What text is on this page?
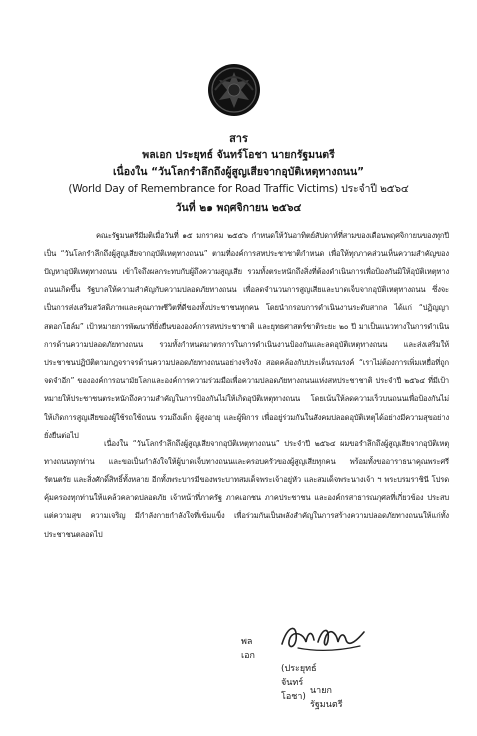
สาร
พลเอก ประยุทธ์ จันทร์โอชา นายกรัฐมนตรี
เนื่องใน “วันโลกรำลึกถึงผู้สูญเสียจากอุบัติเหตุทางถนน”
(World Day of Remembrance for Road Traffic Victims) ประจำปี ๒๕๖๔
วันที่ ๒๑ พฤศจิกายน ๒๕๖๔

คณะรัฐมนตรีมีมติเมื่อวันที่ ๑๕ มกราคม ๒๕๕๖ กำหนดให้วันอาทิตย์สัปดาห์ที่สามของเดือนพฤศจิกายนของทุกปีเป็น “วันโลกรำลึกถึงผู้สูญเสียจากอุบัติเหตุทางถนน” ตามที่องค์การสหประชาชาติกำหนด เพื่อให้ทุกภาคส่วนเห็นความสำคัญของปัญหาอุบัติเหตุทางถนน เข้าใจถึงผลกระทบกับผู้ถึงความสูญเสีย รวมทั้งตระหนักถึงสิ่งที่ต้องดำเนินการเพื่อป้องกันมิให้อุบัติเหตุทางถนนเกิดขึ้น รัฐบาลให้ความสำคัญกับความปลอดภัยทางถนน เพื่อลดจำนวนการสูญเสียและบาดเจ็บจากอุบัติเหตุทางถนน ซึ่งจะเป็นการส่งเสริมสวัสดิภาพและคุณภาพชีวิตที่ดีของทั้งประชาชนทุกคน โดยนำกรอบการดำเนินงานระดับสากล ได้แก่ “ปฏิญญาสตอกโฮล์ม” เป้าหมายการพัฒนาที่ยั่งยืนขององค์การสหประชาชาติ และยุทธศาสตร์ชาติระยะ ๒๐ ปี มาเป็นแนวทางในการดำเนินการด้านความปลอดภัยทางถนน รวมทั้งกำหนดมาตรการในการดำเนินงานป้องกันและลดอุบัติเหตุทางถนน และส่งเสริมให้ประชาชนปฏิบัติตามกฎจราจรด้านความปลอดภัยทางถนนอย่างจริงจัง สอดคล้องกับประเด็นรณรงค์ “เราไม่ต้องการเพิ่มเหยื่อที่ถูกจดจำอีก” ขององค์การอนามัยโลกและองค์การความร่วมมือเพื่อความปลอดภัยทางถนนแห่งสหประชาชาติ ประจำปี ๒๕๖๔ ที่มีเป้าหมายให้ประชาชนตระหนักถึงความสำคัญในการป้องกันไม่ให้เกิดอุบัติเหตุทางถนน โดยเน้นให้ลดความเร็วบนถนนเพื่อป้องกันไม่ให้เกิดการสูญเสียของผู้ใช้รถใช้ถนน รวมถึงเด็ก ผู้สูงอายุ และผู้พิการ เพื่ออยู่ร่วมกันในสังคมปลอดอุบัติเหตุได้อย่างมีความสุขอย่างยั่งยืนต่อไป

เนื่องใน “วันโลกรำลึกถึงผู้สูญเสียจากอุบัติเหตุทางถนน” ประจำปี ๒๕๖๔ ผมขอรำลึกถึงผู้สูญเสียจากอุบัติเหตุทางถนนทุกท่าน และขอเป็นกำลังใจให้ผู้บาดเจ็บทางถนนและครอบครัวของผู้สูญเสียทุกคน พร้อมทั้งขออาราธนาคุณพระศรีรัตนตรัย และสิ่งศักดิ์สิทธิ์ทั้งหลาย อีกทั้งพระบารมีของพระบาทสมเด็จพระเจ้าอยู่หัว และสมเด็จพระนางเจ้า ฯ พระบรมราชินี โปรดคุ้มครองทุกท่านให้แคล้วคลาดปลอดภัย เจ้าหน้าที่ภาครัฐ ภาคเอกชน ภาคประชาชน และองค์กรสาธารณกุศลที่เกี่ยวข้อง ประสบแต่ความสุข ความเจริญ มีกำลังกายกำลังใจที่เข้มแข็ง เพื่อร่วมกันเป็นพลังสำคัญในการสร้างความปลอดภัยทางถนนให้แก่ทั้งประชาชนตลอดไป

พลเอก
(ประยุทธ์ จันทร์โอชา)
นายกรัฐมนตรี
